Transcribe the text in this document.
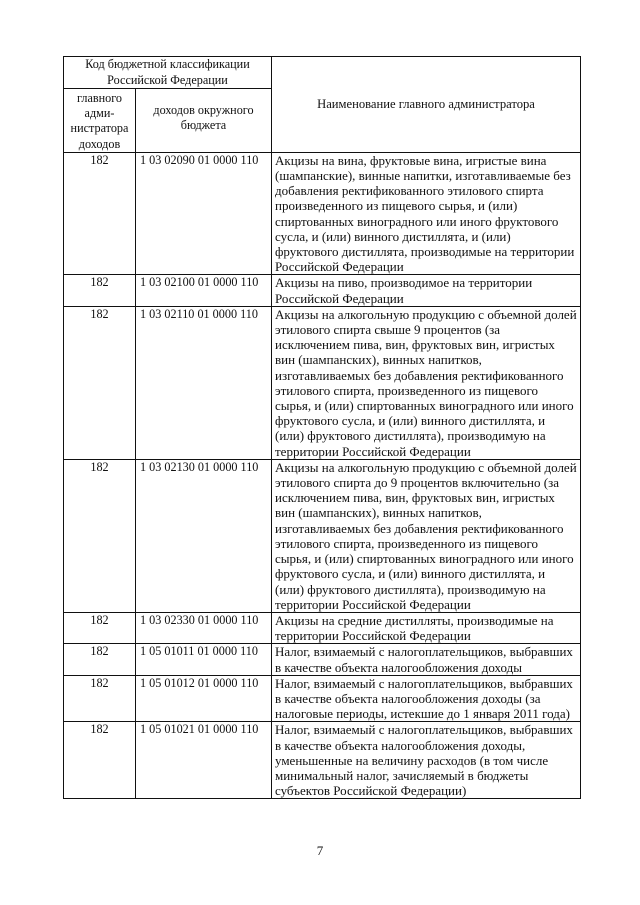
Код бюджетной классификации Российской Федерации		Наименование главного администратора
главного адми-нистратора доходов	доходов окружного бюджета	
182	1 03 02090 01 0000 110	Акцизы на вина, фруктовые вина, игристые вина (шампанские), винные напитки, изготавливаемые без добавления ректификованного этилового спирта произведенного из пищевого сырья, и (или) спиртованных виноградного или иного фруктового сусла, и (или) винного дистиллята, и (или) фруктового дистиллята, производимые на территории Российской Федерации
182	1 03 02100 01 0000 110	Акцизы на пиво, производимое на территории Российской Федерации
182	1 03 02110 01 0000 110	Акцизы на алкогольную продукцию с объемной долей этилового спирта свыше 9 процентов (за исключением пива, вин, фруктовых вин, игристых вин (шампанских), винных напитков, изготавливаемых без добавления ректификованного этилового спирта, произведенного из пищевого сырья, и (или) спиртованных виноградного или иного фруктового сусла, и (или) винного дистиллята, и (или) фруктового дистиллята), производимую на территории Российской Федерации
182	1 03 02130 01 0000 110	Акцизы на алкогольную продукцию с объемной долей этилового спирта до 9 процентов включительно (за исключением пива, вин, фруктовых вин, игристых вин (шампанских), винных напитков, изготавливаемых без добавления ректификованного этилового спирта, произведенного из пищевого сырья, и (или) спиртованных виноградного или иного фруктового сусла, и (или) винного дистиллята, и (или) фруктового дистиллята), производимую на территории Российской Федерации
182	1 03 02330 01 0000 110	Акцизы на средние дистилляты, производимые на территории Российской Федерации
182	1 05 01011 01 0000 110	Налог, взимаемый с налогоплательщиков, выбравших в качестве объекта налогообложения доходы
182	1 05 01012 01 0000 110	Налог, взимаемый с налогоплательщиков, выбравших в качестве объекта налогообложения доходы (за налоговые периоды, истекшие до 1 января 2011 года)
182	1 05 01021 01 0000 110	Налог, взимаемый с налогоплательщиков, выбравших в качестве объекта налогообложения доходы, уменьшенные на величину расходов (в том числе минимальный налог, зачисляемый в бюджеты субъектов Российской Федерации)
7
